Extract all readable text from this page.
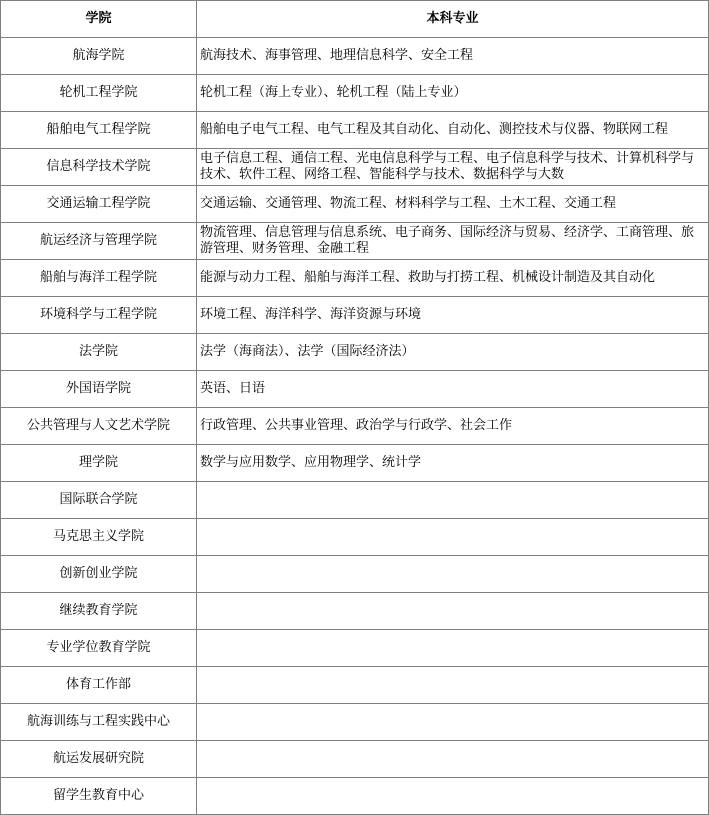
学院	本科专业
航海学院	航海技术、海事管理、地理信息科学、安全工程
轮机工程学院	轮机工程（海上专业）、轮机工程（陆上专业）
船舶电气工程学院	船舶电子电气工程、电气工程及其自动化、自动化、测控技术与仪器、物联网工程
信息科学技术学院	电子信息工程、通信工程、光电信息科学与工程、电子信息科学与技术、计算机科学与技术、软件工程、网络工程、智能科学与技术、数据科学与大数
交通运输工程学院	交通运输、交通管理、物流工程、材料科学与工程、土木工程、交通工程
航运经济与管理学院	物流管理、信息管理与信息系统、电子商务、国际经济与贸易、经济学、工商管理、旅游管理、财务管理、金融工程
船舶与海洋工程学院	能源与动力工程、船舶与海洋工程、救助与打捞工程、机械设计制造及其自动化
环境科学与工程学院	环境工程、海洋科学、海洋资源与环境
法学院	法学（海商法）、法学（国际经济法）
外国语学院	英语、日语
公共管理与人文艺术学院	行政管理、公共事业管理、政治学与行政学、社会工作
理学院	数学与应用数学、应用物理学、统计学
国际联合学院	
马克思主义学院	
创新创业学院	
继续教育学院	
专业学位教育学院	
体育工作部	
航海训练与工程实践中心	
航运发展研究院	
留学生教育中心	
